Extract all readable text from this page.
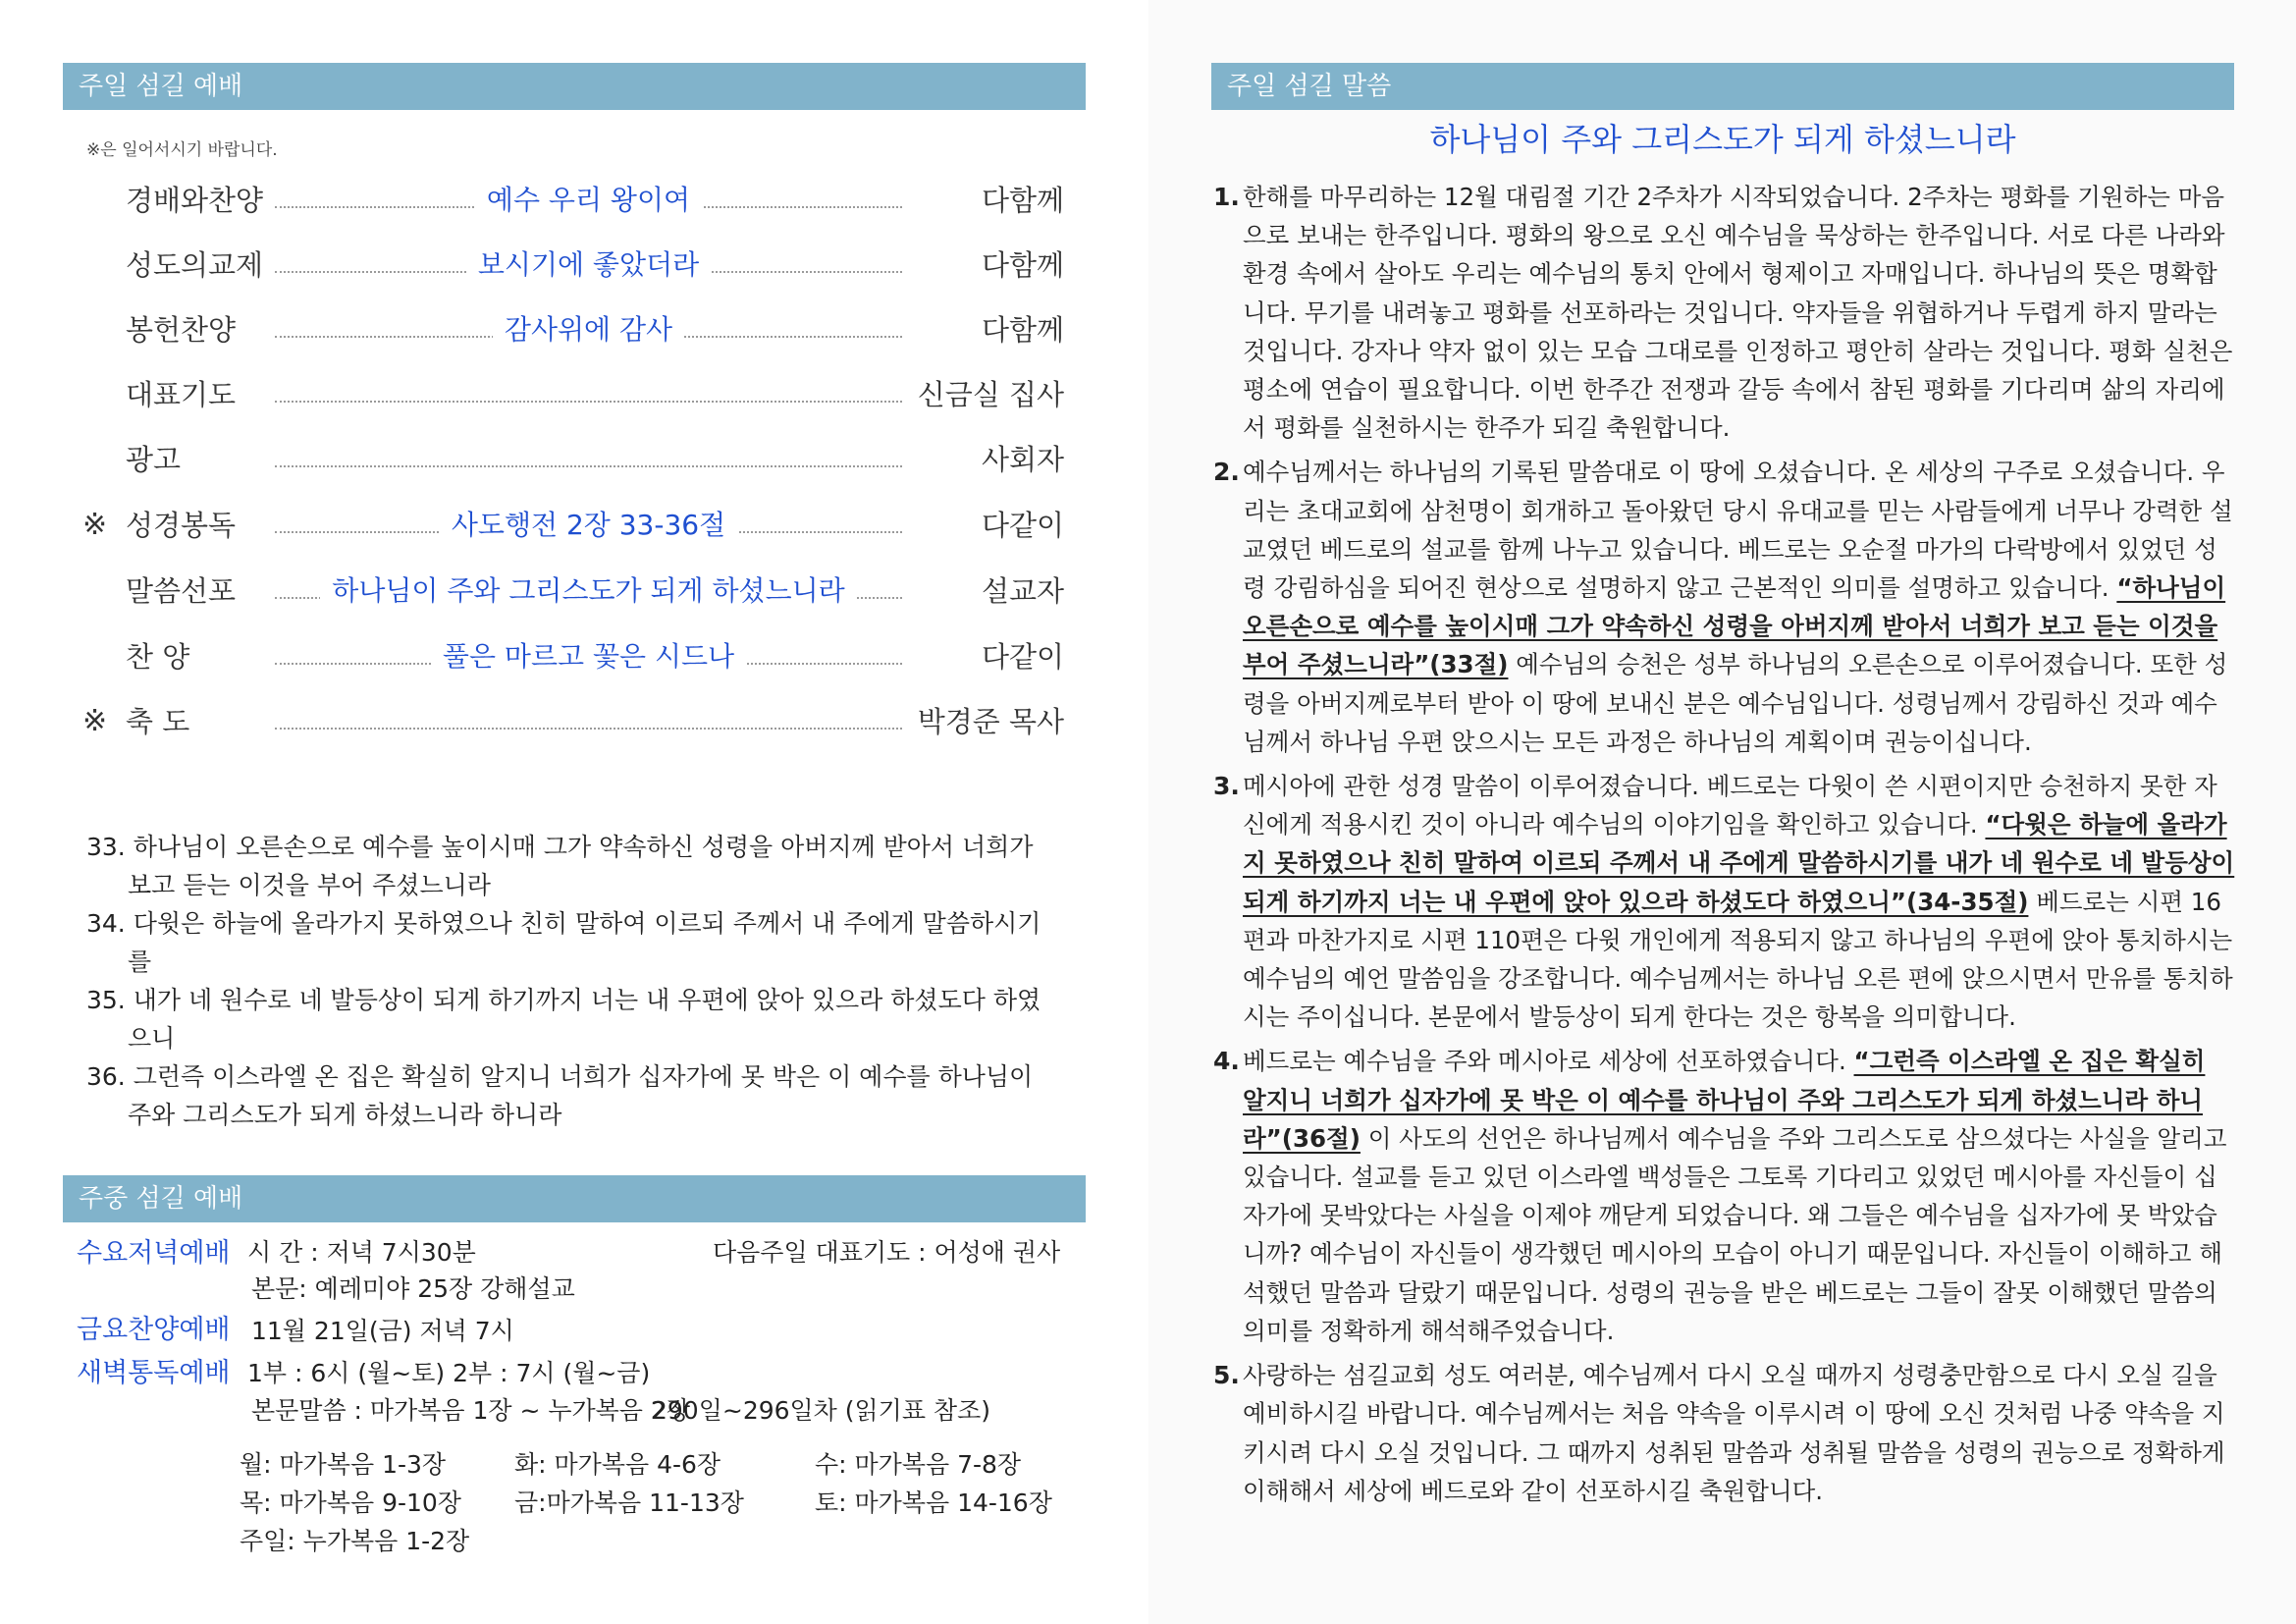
주일 섬길 예배
※은 일어서시기 바랍니다.
경배와찬양	예수 우리 왕이여	다함께
성도의교제	보시기에 좋았더라	다함께
봉헌찬양	감사위에 감사	다함께
대표기도	신금실 집사
광고	사회자
※ 성경봉독	사도행전 2장 33-36절	다같이
말씀선포	하나님이 주와 그리스도가 되게 하셨느니라	설교자
찬 양	풀은 마르고 꽃은 시드나	다같이
※ 축 도	박경준 목사
33. 하나님이 오른손으로 예수를 높이시매 그가 약속하신 성령을 아버지께 받아서 너희가 보고 듣는 이것을 부어 주셨느니라
34. 다윗은 하늘에 올라가지 못하였으나 친히 말하여 이르되 주께서 내 주에게 말씀하시기를
35. 내가 네 원수로 네 발등상이 되게 하기까지 너는 내 우편에 앉아 있으라 하셨도다 하였으니
36. 그런즉 이스라엘 온 집은 확실히 알지니 너희가 십자가에 못 박은 이 예수를 하나님이 주와 그리스도가 되게 하셨느니라 하니라
주중 섬길 예배
수요저녁예배 시 간 : 저녁 7시30분	다음주일 대표기도 : 어성애 권사
본문: 예레미야 25장 강해설교
금요찬양예배 11월 21일(금) 저녁 7시
새벽통독예배 1부 : 6시 (월~토) 2부 : 7시 (월~금)
본문말씀 : 마가복음 1장 ~ 누가복음 2장
290일~296일차 (읽기표 참조)
월: 마가복음 1-3장	화: 마가복음 4-6장	수: 마가복음 7-8장
목: 마가복음 9-10장 금:마가복음 11-13장	토: 마가복음 14-16장
주일: 누가복음 1-2장
주일 섬길 말씀
하나님이 주와 그리스도가 되게 하셨느니라
1. 한해를 마무리하는 12월 대림절 기간 2주차가 시작되었습니다. 2주차는 평화를 기원하는 마음으로 보내는 한주입니다. 평화의 왕으로 오신 예수님을 묵상하는 한주입니다. 서로 다른 나라와 환경 속에서 살아도 우리는 예수님의 통치 안에서 형제이고 자매입니다. 하나님의 뜻은 명확합니다. 무기를 내려놓고 평화를 선포하라는 것입니다. 약자들을 위협하거나 두렵게 하지 말라는 것입니다. 강자나 약자 없이 있는 모습 그대로를 인정하고 평안히 살라는 것입니다. 평화 실천은 평소에 연습이 필요합니다. 이번 한주간 전쟁과 갈등 속에서 참된 평화를 기다리며 삶의 자리에서 평화를 실천하시는 한주가 되길 축원합니다.
2. 예수님께서는 하나님의 기록된 말씀대로 이 땅에 오셨습니다. 온 세상의 구주로 오셨습니다. 우리는 초대교회에 삼천명이 회개하고 돌아왔던 당시 유대교를 믿는 사람들에게 너무나 강력한 설교였던 베드로의 설교를 함께 나누고 있습니다. 베드로는 오순절 마가의 다락방에서 있었던 성령 강림하심을 되어진 현상으로 설명하지 않고 근본적인 의미를 설명하고 있습니다. “하나님이 오른손으로 예수를 높이시매 그가 약속하신 성령을 아버지께 받아서 너희가 보고 듣는 이것을 부어 주셨느니라”(33절) 예수님의 승천은 성부 하나님의 오른손으로 이루어졌습니다. 또한 성령을 아버지께로부터 받아 이 땅에 보내신 분은 예수님입니다. 성령님께서 강림하신 것과 예수님께서 하나님 우편 앉으시는 모든 과정은 하나님의 계획이며 권능이십니다.
3. 메시아에 관한 성경 말씀이 이루어졌습니다. 베드로는 다윗이 쓴 시편이지만 승천하지 못한 자신에게 적용시킨 것이 아니라 예수님의 이야기임을 확인하고 있습니다. “다윗은 하늘에 올라가지 못하였으나 친히 말하여 이르되 주께서 내 주에게 말씀하시기를 내가 네 원수로 네 발등상이 되게 하기까지 너는 내 우편에 앉아 있으라 하셨도다 하였으니”(34-35절) 베드로는 시편 16편과 마찬가지로 시편 110편은 다윗 개인에게 적용되지 않고 하나님의 우편에 앉아 통치하시는 예수님의 예언 말씀임을 강조합니다. 예수님께서는 하나님 오른 편에 앉으시면서 만유를 통치하시는 주이십니다. 본문에서 발등상이 되게 한다는 것은 항복을 의미합니다.
4. 베드로는 예수님을 주와 메시아로 세상에 선포하였습니다. “그런즉 이스라엘 온 집은 확실히 알지니 너희가 십자가에 못 박은 이 예수를 하나님이 주와 그리스도가 되게 하셨느니라 하니라”(36절) 이 사도의 선언은 하나님께서 예수님을 주와 그리스도로 삼으셨다는 사실을 알리고 있습니다. 설교를 듣고 있던 이스라엘 백성들은 그토록 기다리고 있었던 메시아를 자신들이 십자가에 못박았다는 사실을 이제야 깨닫게 되었습니다. 왜 그들은 예수님을 십자가에 못 박았습니까? 예수님이 자신들이 생각했던 메시아의 모습이 아니기 때문입니다. 자신들이 이해하고 해석했던 말씀과 달랐기 때문입니다. 성령의 권능을 받은 베드로는 그들이 잘못 이해했던 말씀의 의미를 정확하게 해석해주었습니다.
5. 사랑하는 섬길교회 성도 여러분, 예수님께서 다시 오실 때까지 성령충만함으로 다시 오실 길을 예비하시길 바랍니다. 예수님께서는 처음 약속을 이루시려 이 땅에 오신 것처럼 나중 약속을 지키시려 다시 오실 것입니다. 그 때까지 성취된 말씀과 성취될 말씀을 성령의 권능으로 정확하게 이해해서 세상에 베드로와 같이 선포하시길 축원합니다.
